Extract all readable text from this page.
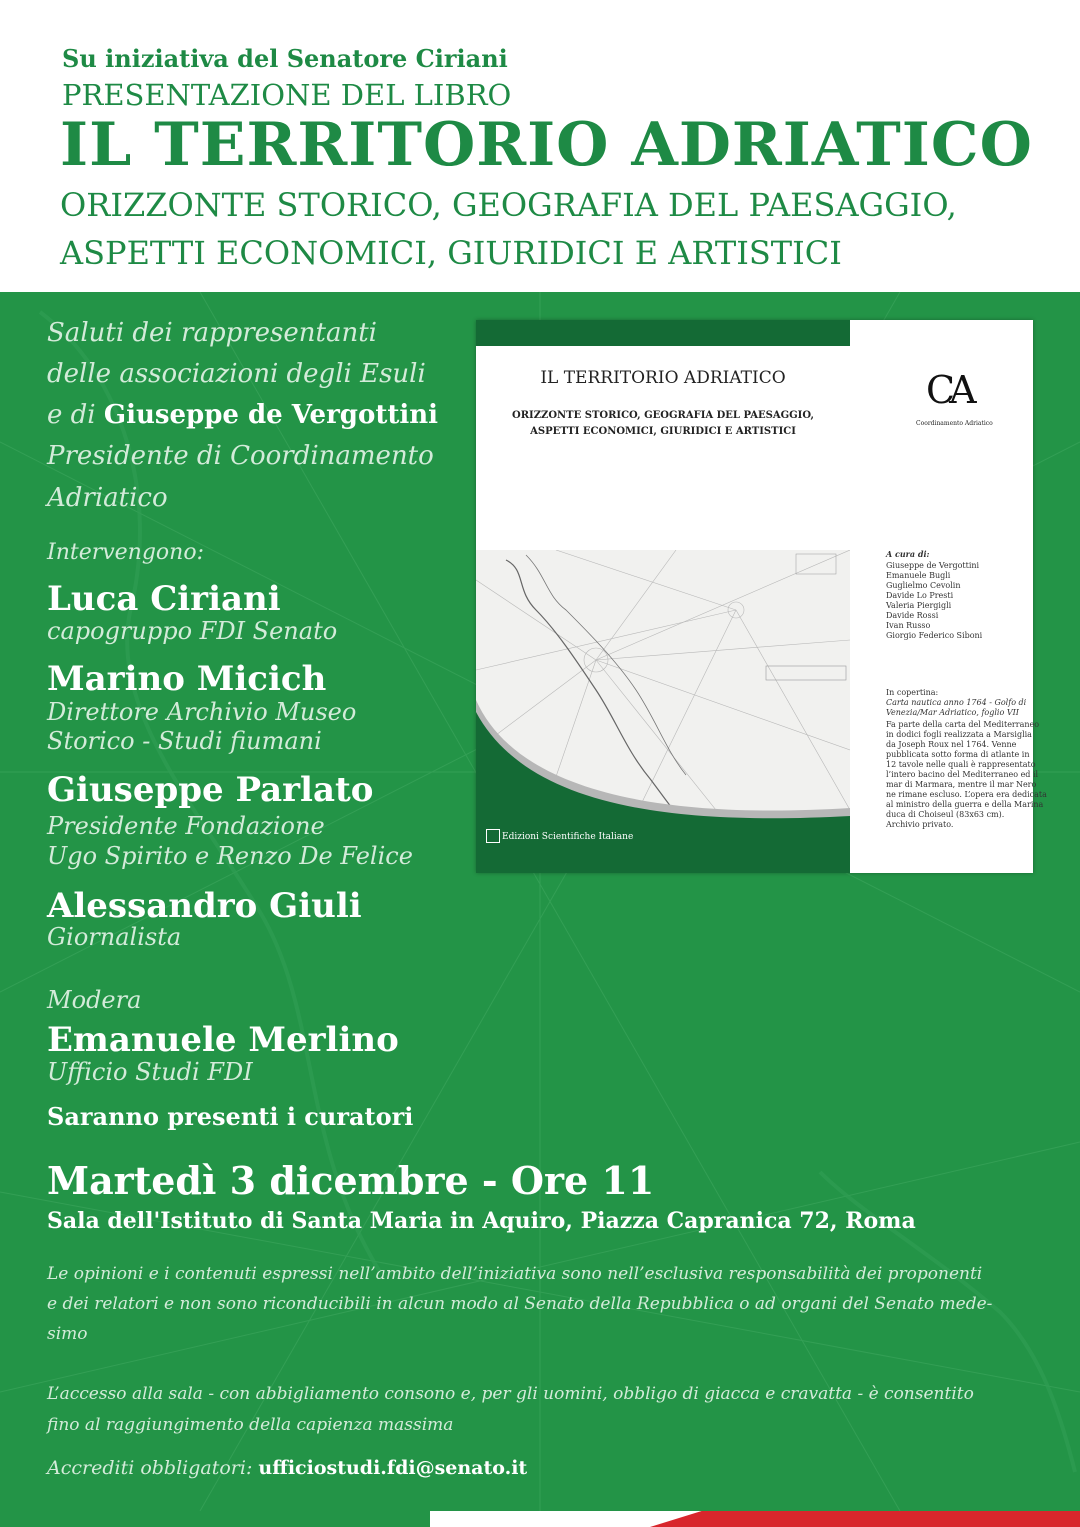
Su iniziativa del Senatore Ciriani
PRESENTAZIONE DEL LIBRO
IL TERRITORIO ADRIATICO
ORIZZONTE STORICO, GEOGRAFIA DEL PAESAGGIO,
ASPETTI ECONOMICI, GIURIDICI E ARTISTICI
Saluti dei rappresentanti
delle associazioni degli Esuli
e di Giuseppe de Vergottini
Presidente di Coordinamento
Adriatico
Intervengono:
Luca Ciriani
capogruppo FDI Senato
Marino Micich
Direttore Archivio Museo
Storico - Studi fiumani
Giuseppe Parlato
Presidente Fondazione
Ugo Spirito e Renzo De Felice
Alessandro Giuli
Giornalista
Modera
Emanuele Merlino
Ufficio Studi FDI
Saranno presenti i curatori
Martedì 3 dicembre - Ore 11
Sala dell'Istituto di Santa Maria in Aquiro, Piazza Capranica 72, Roma
Le opinioni e i contenuti espressi nell’ambito dell’iniziativa sono nell’esclusiva responsabilità dei proponenti
e dei relatori e non sono riconducibili in alcun modo al Senato della Repubblica o ad organi del Senato mede-
simo
L’accesso alla sala - con abbigliamento consono e, per gli uomini, obbligo di giacca e cravatta - è consentito
fino al raggiungimento della capienza massima
Accrediti obbligatori: ufficiostudi.fdi@senato.it
IL TERRITORIO ADRIATICO
ORIZZONTE STORICO, GEOGRAFIA DEL PAESAGGIO,
ASPETTI ECONOMICI, GIURIDICI E ARTISTICI
Edizioni Scientifiche Italiane
CA
Coordinamento Adriatico
A cura di:
Giuseppe de Vergottini
Emanuele Bugli
Guglielmo Cevolin
Davide Lo Presti
Valeria Piergigli
Davide Rossi
Ivan Russo
Giorgio Federico Siboni
In copertina:
Carta nautica anno 1764 - Golfo di
Venezia/Mar Adriatico, foglio VII
Fa parte della carta del Mediterraneo
in dodici fogli realizzata a Marsiglia
da Joseph Roux nel 1764. Venne
pubblicata sotto forma di atlante in
12 tavole nelle quali è rappresentato
l’intero bacino del Mediterraneo ed il
mar di Marmara, mentre il mar Nero
ne rimane escluso. L’opera era dedicata
al ministro della guerra e della Marina
duca di Choiseul (83x63 cm).
Archivio privato.
